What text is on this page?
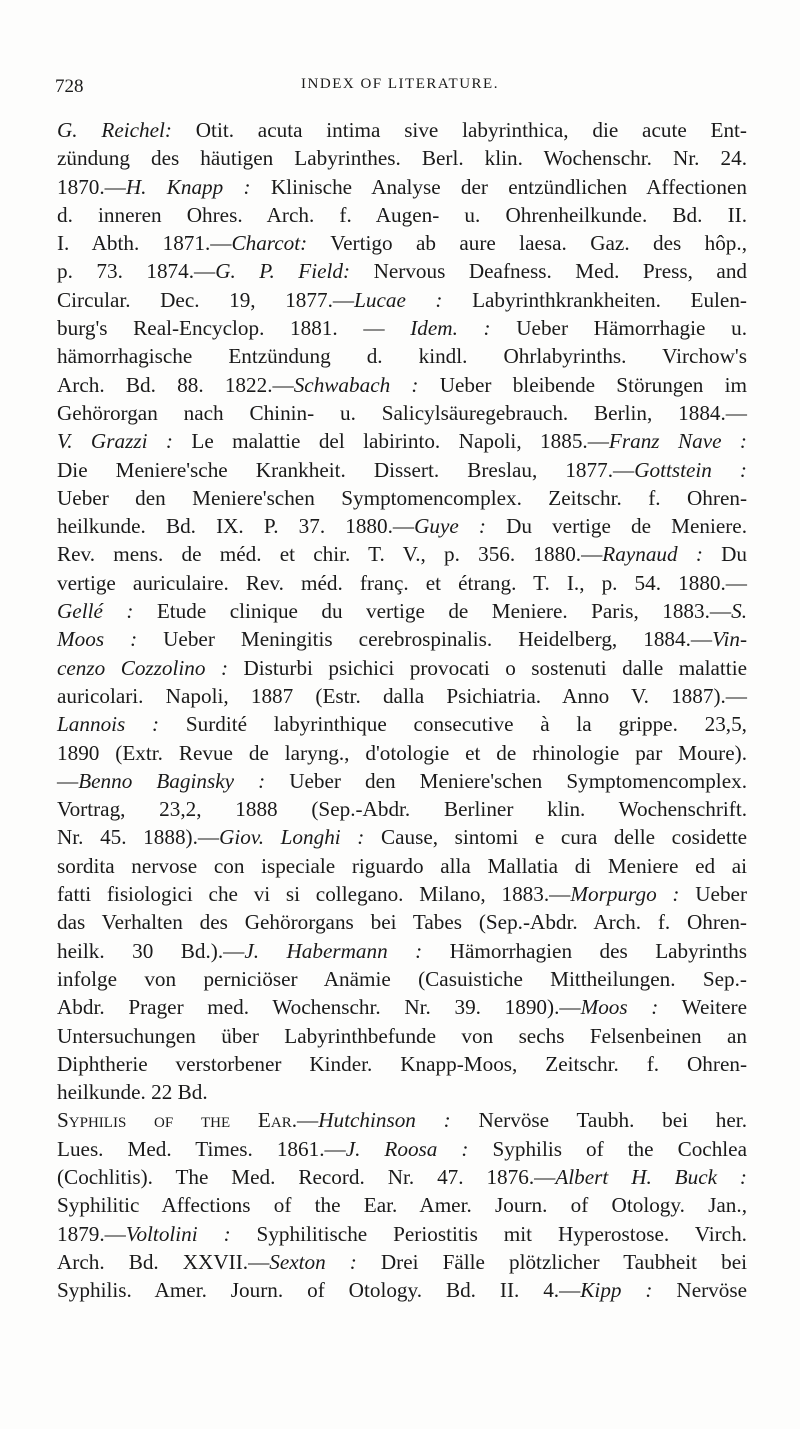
728	INDEX OF LITERATURE.
G. Reichel: Otit. acuta intima sive labyrinthica, die acute Ent-
zündung des häutigen Labyrinthes. Berl. klin. Wochenschr. Nr. 24.
1870.—H. Knapp : Klinische Analyse der entzündlichen Affectionen
d. inneren Ohres. Arch. f. Augen- u. Ohrenheilkunde. Bd. II.
I. Abth. 1871.—Charcot: Vertigo ab aure laesa. Gaz. des hôp.,
p. 73. 1874.—G. P. Field: Nervous Deafness. Med. Press, and
Circular. Dec. 19, 1877.—Lucae : Labyrinthkrankheiten. Eulen-
burg's Real-Encyclop. 1881. — Idem. : Ueber Hämorrhagie u.
hämorrhagische Entzündung d. kindl. Ohrlabyrinths. Virchow's
Arch. Bd. 88. 1822.—Schwabach : Ueber bleibende Störungen im
Gehörorgan nach Chinin- u. Salicylsäuregebrauch. Berlin, 1884.—
V. Grazzi : Le malattie del labirinto. Napoli, 1885.—Franz Nave :
Die Meniere'sche Krankheit. Dissert. Breslau, 1877.—Gottstein :
Ueber den Meniere'schen Symptomencomplex. Zeitschr. f. Ohren-
heilkunde. Bd. IX. P. 37. 1880.—Guye : Du vertige de Meniere.
Rev. mens. de méd. et chir. T. V., p. 356. 1880.—Raynaud : Du
vertige auriculaire. Rev. méd. franç. et étrang. T. I., p. 54. 1880.—
Gellé : Etude clinique du vertige de Meniere. Paris, 1883.—S.
Moos : Ueber Meningitis cerebrospinalis. Heidelberg, 1884.—Vin-
cenzo Cozzolino : Disturbi psichici provocati o sostenuti dalle malattie
auricolari. Napoli, 1887 (Estr. dalla Psichiatria. Anno V. 1887).—
Lannois : Surdité labyrinthique consecutive à la grippe. 23,5,
1890 (Extr. Revue de laryng., d'otologie et de rhinologie par Moure).
—Benno Baginsky : Ueber den Meniere'schen Symptomencomplex.
Vortrag, 23,2, 1888 (Sep.-Abdr. Berliner klin. Wochenschrift.
Nr. 45. 1888).—Giov. Longhi : Cause, sintomi e cura delle cosidette
sordita nervose con ispeciale riguardo alla Mallatia di Meniere ed ai
fatti fisiologici che vi si collegano. Milano, 1883.—Morpurgo : Ueber
das Verhalten des Gehörorgans bei Tabes (Sep.-Abdr. Arch. f. Ohren-
heilk. 30 Bd.).—J. Habermann : Hämorrhagien des Labyrinths
infolge von perniciöser Anämie (Casuistiche Mittheilungen. Sep.-
Abdr. Prager med. Wochenschr. Nr. 39. 1890).—Moos : Weitere
Untersuchungen über Labyrinthbefunde von sechs Felsenbeinen an
Diphtherie verstorbener Kinder. Knapp-Moos, Zeitschr. f. Ohren-
heilkunde. 22 Bd.
Syphilis of the Ear.—Hutchinson : Nervöse Taubh. bei her.
Lues. Med. Times. 1861.—J. Roosa : Syphilis of the Cochlea
(Cochlitis). The Med. Record. Nr. 47. 1876.—Albert H. Buck :
Syphilitic Affections of the Ear. Amer. Journ. of Otology. Jan.,
1879.—Voltolini : Syphilitische Periostitis mit Hyperostose. Virch.
Arch. Bd. XXVII.—Sexton : Drei Fälle plötzlicher Taubheit bei
Syphilis. Amer. Journ. of Otology. Bd. II. 4.—Kipp : Nervöse
